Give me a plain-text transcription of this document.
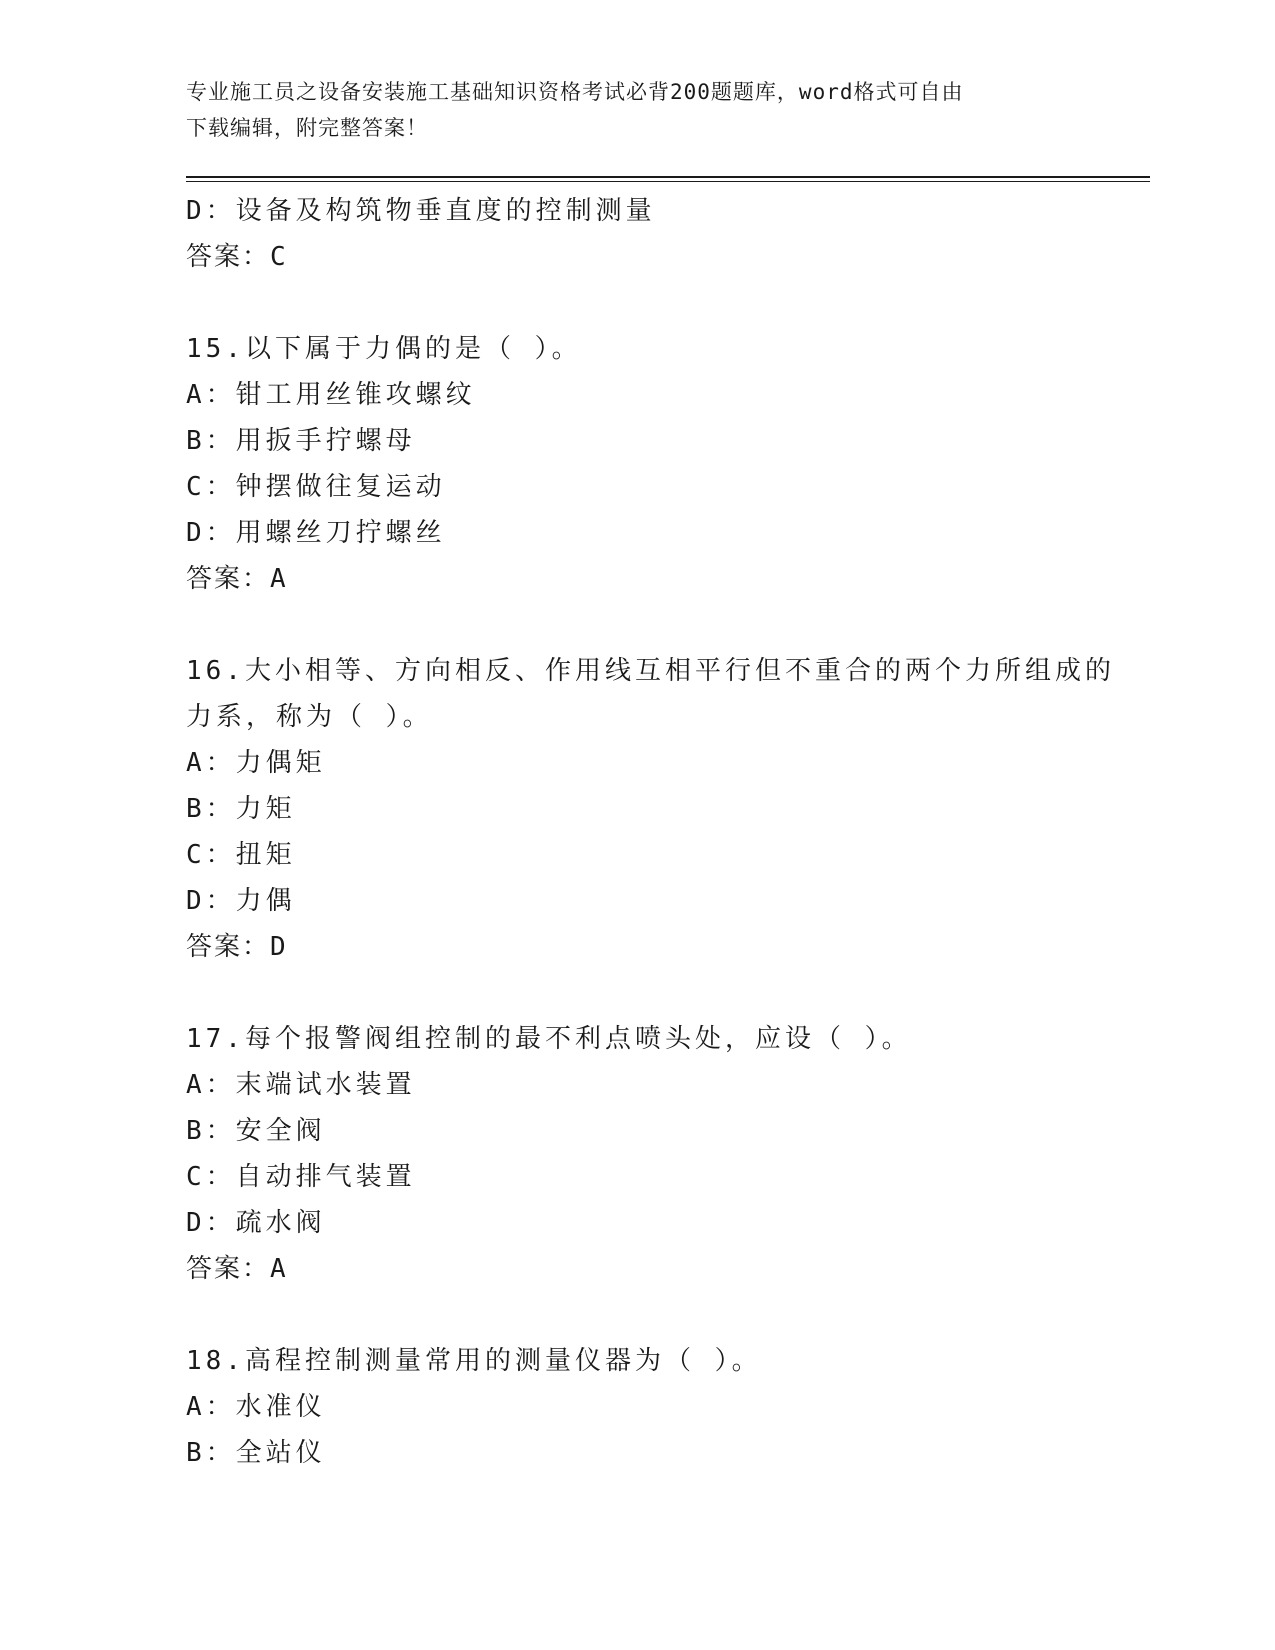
专业施工员之设备安装施工基础知识资格考试必背200题题库，word格式可自由
下载编辑，附完整答案！
D：设备及构筑物垂直度的控制测量
答案：C
15.以下属于力偶的是（ ）。
A：钳工用丝锥攻螺纹
B：用扳手拧螺母
C：钟摆做往复运动
D：用螺丝刀拧螺丝
答案：A
16.大小相等、方向相反、作用线互相平行但不重合的两个力所组成的
力系，称为（ ）。
A：力偶矩
B：力矩
C：扭矩
D：力偶
答案：D
17.每个报警阀组控制的最不利点喷头处，应设（ ）。
A：末端试水装置
B：安全阀
C：自动排气装置
D：疏水阀
答案：A
18.高程控制测量常用的测量仪器为（ ）。
A：水准仪
B：全站仪
